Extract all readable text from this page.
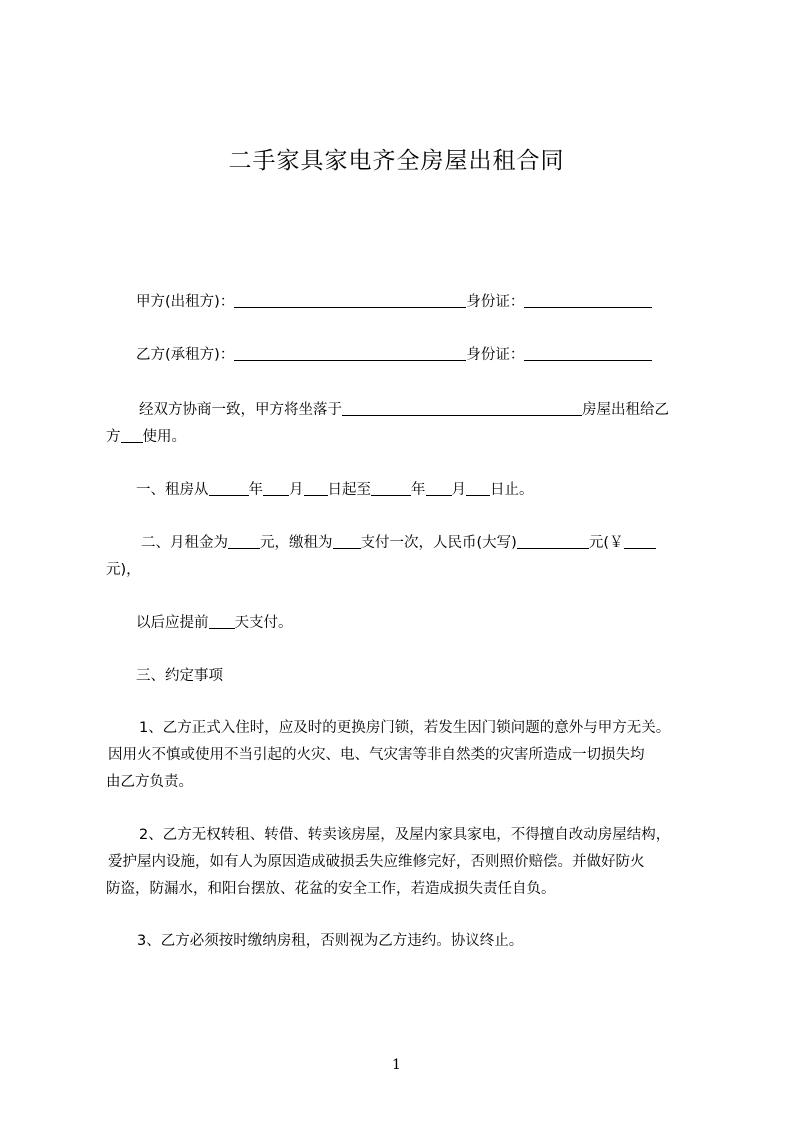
二手家具家电齐全房屋出租合同
甲方(出租方)：	身份证：
乙方(承租方)：	身份证：
经双方协商一致，甲方将坐落于	房屋出租给乙
方 使用。
一、租房从	年 月 日起至	年 月 日止。
二、月租金为 元，缴租为 支付一次，人民币(大写)	元(￥
元)，
以后应提前 天支付。
三、约定事项
1、乙方正式入住时，应及时的更换房门锁，若发生因门锁问题的意外与甲方无关。
因用火不慎或使用不当引起的火灾、电、气灾害等非自然类的灾害所造成一切损失均
由乙方负责。
2、乙方无权转租、转借、转卖该房屋，及屋内家具家电，不得擅自改动房屋结构，
爱护屋内设施，如有人为原因造成破损丢失应维修完好，否则照价赔偿。并做好防火
防盗，防漏水，和阳台摆放、花盆的安全工作，若造成损失责任自负。
3、乙方必须按时缴纳房租，否则视为乙方违约。协议终止。
1
